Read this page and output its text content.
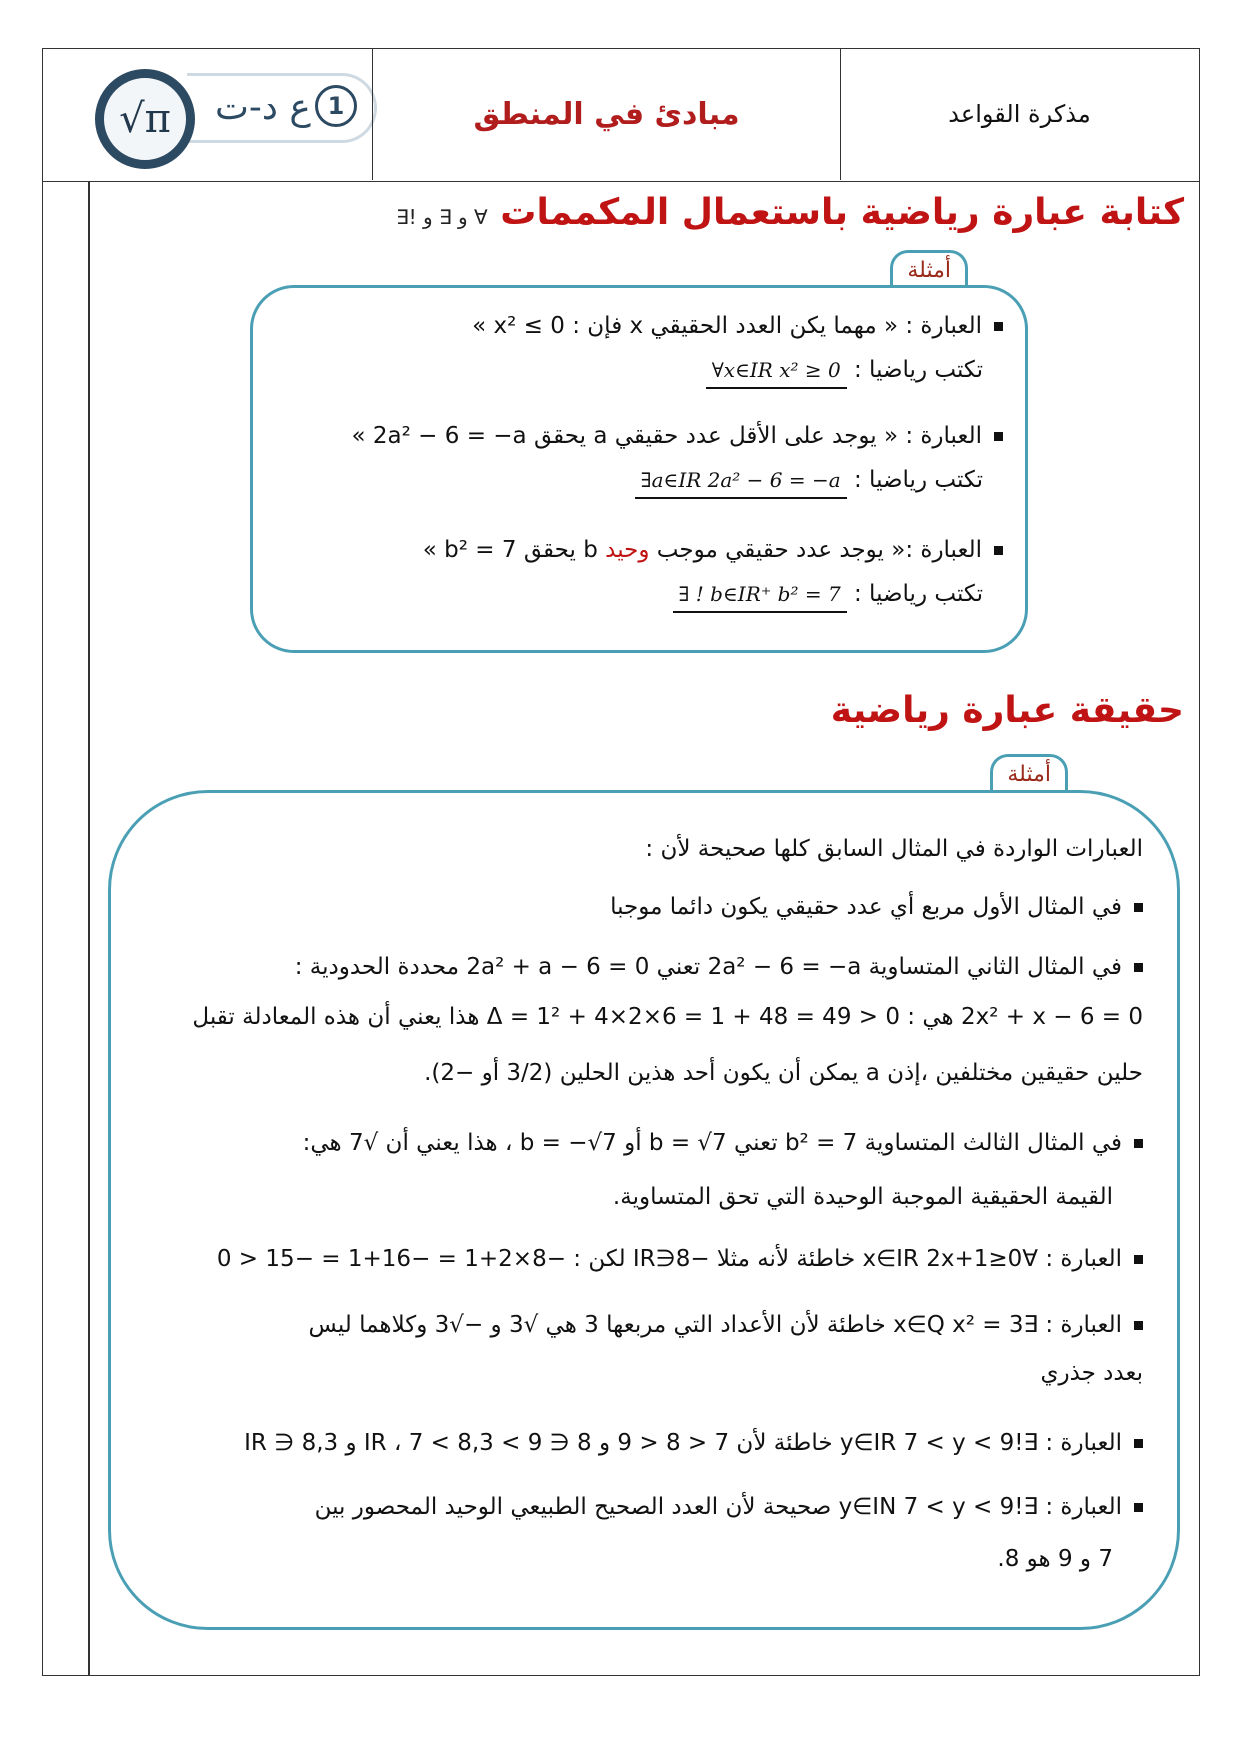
√π ع د-ت 1	مبادئ في المنطق	مذكرة القواعد
كتابة عبارة رياضية باستعمال المكممات ∀ و ∃ و !∃
أمثلة
العبارة : « مهما يكن العدد الحقيقي x فإن : 0 ≥ x² »
تكتب رياضيا : ∀x∈IR x² ≥ 0
العبارة : « يوجد على الأقل عدد حقيقي a يحقق 2a² − 6 = −a »
تكتب رياضيا : ∃a∈IR 2a² − 6 = −a
العبارة :« يوجد عدد حقيقي موجب وحيد b يحقق 7 = b² »
تكتب رياضيا : ∃ ! b∈IR⁺ b² = 7
حقيقة عبارة رياضية
أمثلة
العبارات الواردة في المثال السابق كلها صحيحة لأن :
في المثال الأول مربع أي عدد حقيقي يكون دائما موجبا
في المثال الثاني المتساوية 2a² − 6 = −a تعني 2a² + a − 6 = 0 محددة الحدودية :
2x² + x − 6 = 0 هي : Δ = 1² + 4×2×6 = 1 + 48 = 49 > 0 هذا يعني أن هذه المعادلة تقبل
حلين حقيقين مختلفين ،إذن a يمكن أن يكون أحد هذين الحلين (3/2 أو −2).
في المثال الثالث المتساوية b² = 7 تعني b = √7 أو b = −√7 ، هذا يعني أن √7 هي:
القيمة الحقيقية الموجبة الوحيدة التي تحق المتساوية.
العبارة : ∀x∈IR 2x+1≥0 خاطئة لأنه مثلا −8∈IR لكن : −8×2+1 = −16+1 = −15 < 0
العبارة : ∃x∈Q x² = 3 خاطئة لأن الأعداد التي مربعها 3 هي √3 و −√3 وكلاهما ليس
بعدد جذري
العبارة : ∃!y∈IR 7 < y < 9 خاطئة لأن 7 < 8 < 9 و 8 ∈ IR ، 7 < 8,3 < 9 و 8,3 ∈ IR
العبارة : ∃!y∈IN 7 < y < 9 صحيحة لأن العدد الصحيح الطبيعي الوحيد المحصور بين
7 و 9 هو 8.
